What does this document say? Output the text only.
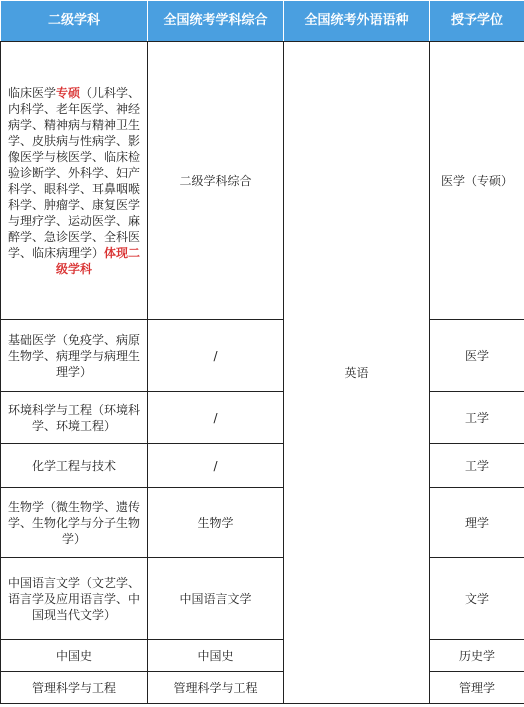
二级学科	全国统考学科综合	全国统考外语语种	授予学位
临床医学专硕（儿科学、内科学、老年医学、神经病学、精神病与精神卫生学、皮肤病与性病学、影像医学与核医学、临床检验诊断学、外科学、妇产科学、眼科学、耳鼻咽喉科学、肿瘤学、康复医学与理疗学、运动医学、麻醉学、急诊医学、全科医学、临床病理学）体现二级学科	二级学科综合	英语	医学（专硕）
基础医学（免疫学、病原生物学、病理学与病理生理学）	/		医学
环境科学与工程（环境科学、环境工程）	/		工学
化学工程与技术	/		工学
生物学（微生物学、遗传学、生物化学与分子生物学）	生物学		理学
中国语言文学（文艺学、语言学及应用语言学、中国现当代文学）	中国语言文学		文学
中国史	中国史		历史学
管理科学与工程	管理科学与工程		管理学
